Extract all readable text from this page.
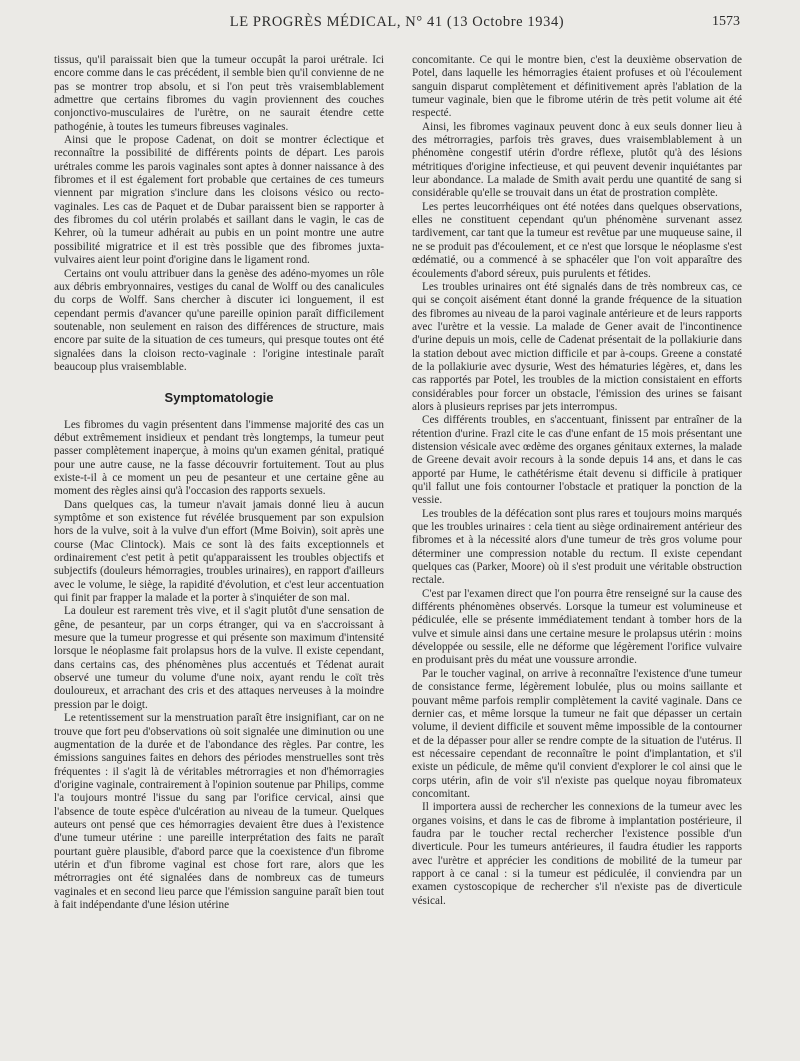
LE PROGRÈS MÉDICAL, N° 41 (13 Octobre 1934)	1573

tissus, qu'il paraissait bien que la tumeur occupât la paroi urétrale. Ici encore comme dans le cas précédent, il semble bien qu'il convienne de ne pas se montrer trop absolu, et si l'on peut très vraisemblablement admettre que certains fibromes du vagin proviennent des couches conjonctivo-musculaires de l'urètre, on ne saurait étendre cette pathogénie, à toutes les tumeurs fibreuses vaginales.

Ainsi que le propose Cadenat, on doit se montrer éclectique et reconnaître la possibilité de différents points de départ. Les parois urétrales comme les parois vaginales sont aptes à donner naissance à des fibromes et il est également fort probable que certaines de ces tumeurs viennent par migration s'inclure dans les cloisons vésico ou recto-vaginales. Les cas de Paquet et de Dubar paraissent bien se rapporter à des fibromes du col utérin prolabés et saillant dans le vagin, le cas de Kehrer, où la tumeur adhérait au pubis en un point montre une autre possibilité migratrice et il est très possible que des fibromes juxta-vulvaires aient leur point d'origine dans le ligament rond.

Certains ont voulu attribuer dans la genèse des adéno-myomes un rôle aux débris embryonnaires, vestiges du canal de Wolff ou des canalicules du corps de Wolff. Sans chercher à discuter ici longuement, il est cependant permis d'avancer qu'une pareille opinion paraît difficilement soutenable, non seulement en raison des différences de structure, mais encore par suite de la situation de ces tumeurs, qui presque toutes ont été signalées dans la cloison recto-vaginale : l'origine intestinale paraît beaucoup plus vraisemblable.

Symptomatologie

Les fibromes du vagin présentent dans l'immense majorité des cas un début extrêmement insidieux et pendant très longtemps, la tumeur peut passer complètement inaperçue, à moins qu'un examen génital, pratiqué pour une autre cause, ne la fasse découvrir fortuitement. Tout au plus existe-t-il à ce moment un peu de pesanteur et une certaine gêne au moment des règles ainsi qu'à l'occasion des rapports sexuels.

Dans quelques cas, la tumeur n'avait jamais donné lieu à aucun symptôme et son existence fut révélée brusquement par son expulsion hors de la vulve, soit à la vulve d'un effort (Mme Boivin), soit après une course (Mac Clintock). Mais ce sont là des faits exceptionnels et ordinairement c'est petit à petit qu'apparaissent les troubles objectifs et subjectifs (douleurs hémorragies, troubles urinaires), en rapport d'ailleurs avec le volume, le siège, la rapidité d'évolution, et c'est leur accentuation qui finit par frapper la malade et la porter à s'inquiéter de son mal.

La douleur est rarement très vive, et il s'agit plutôt d'une sensation de gêne, de pesanteur, par un corps étranger, qui va en s'accroissant à mesure que la tumeur progresse et qui présente son maximum d'intensité lorsque le néoplasme fait prolapsus hors de la vulve. Il existe cependant, dans certains cas, des phénomènes plus accentués et Tédenat aurait observé une tumeur du volume d'une noix, ayant rendu le coït très douloureux, et arrachant des cris et des attaques nerveuses à la moindre pression par le doigt.

Le retentissement sur la menstruation paraît être insignifiant, car on ne trouve que fort peu d'observations où soit signalée une diminution ou une augmentation de la durée et de l'abondance des règles. Par contre, les émissions sanguines faites en dehors des périodes menstruelles sont très fréquentes : il s'agit là de véritables métrorragies et non d'hémorragies d'origine vaginale, contrairement à l'opinion soutenue par Philips, comme l'a toujours montré l'issue du sang par l'orifice cervical, ainsi que l'absence de toute espèce d'ulcération au niveau de la tumeur. Quelques auteurs ont pensé que ces hémorragies devaient être dues à l'existence d'une tumeur utérine : une pareille interprétation des faits ne paraît pourtant guère plausible, d'abord parce que la coexistence d'un fibrome utérin et d'un fibrome vaginal est chose fort rare, alors que les métrorragies ont été signalées dans de nombreux cas de tumeurs vaginales et en second lieu parce que l'émission sanguine paraît bien tout à fait indépendante d'une lésion utérine

concomitante. Ce qui le montre bien, c'est la deuxième observation de Potel, dans laquelle les hémorragies étaient profuses et où l'écoulement sanguin disparut complètement et définitivement après l'ablation de la tumeur vaginale, bien que le fibrome utérin de très petit volume ait été respecté.

Ainsi, les fibromes vaginaux peuvent donc à eux seuls donner lieu à des métrorragies, parfois très graves, dues vraisemblablement à un phénomène congestif utérin d'ordre réflexe, plutôt qu'à des lésions métritiques d'origine infectieuse, et qui peuvent devenir inquiétantes par leur abondance. La malade de Smith avait perdu une quantité de sang si considérable qu'elle se trouvait dans un état de prostration complète.

Les pertes leucorrhéiques ont été notées dans quelques observations, elles ne constituent cependant qu'un phénomène survenant assez tardivement, car tant que la tumeur est revêtue par une muqueuse saine, il ne se produit pas d'écoulement, et ce n'est que lorsque le néoplasme s'est œdématié, ou a commencé à se sphacéler que l'on voit apparaître des écoulements d'abord séreux, puis purulents et fétides.

Les troubles urinaires ont été signalés dans de très nombreux cas, ce qui se conçoit aisément étant donné la grande fréquence de la situation des fibromes au niveau de la paroi vaginale antérieure et de leurs rapports avec l'urètre et la vessie. La malade de Gener avait de l'incontinence d'urine depuis un mois, celle de Cadenat présentait de la pollakiurie dans la station debout avec miction difficile et par à-coups. Greene a constaté de la pollakiurie avec dysurie, West des hématuries légères, et, dans les cas rapportés par Potel, les troubles de la miction consistaient en efforts considérables pour forcer un obstacle, l'émission des urines se faisant alors à plusieurs reprises par jets interrompus.

Ces différents troubles, en s'accentuant, finissent par entraîner de la rétention d'urine. Frazl cite le cas d'une enfant de 15 mois présentant une distension vésicale avec œdème des organes génitaux externes, la malade de Greene devait avoir recours à la sonde depuis 14 ans, et dans le cas apporté par Hume, le cathétérisme était devenu si difficile à pratiquer qu'il fallut une fois contourner l'obstacle et pratiquer la ponction de la vessie.

Les troubles de la défécation sont plus rares et toujours moins marqués que les troubles urinaires : cela tient au siège ordinairement antérieur des fibromes et à la nécessité alors d'une tumeur de très gros volume pour déterminer une compression notable du rectum. Il existe cependant quelques cas (Parker, Moore) où il s'est produit une véritable obstruction rectale.

C'est par l'examen direct que l'on pourra être renseigné sur la cause des différents phénomènes observés. Lorsque la tumeur est volumineuse et pédiculée, elle se présente immédiatement tendant à tomber hors de la vulve et simule ainsi dans une certaine mesure le prolapsus utérin : moins développée ou sessile, elle ne déforme que légèrement l'orifice vulvaire en produisant près du méat une voussure arrondie.

Par le toucher vaginal, on arrive à reconnaître l'existence d'une tumeur de consistance ferme, légèrement lobulée, plus ou moins saillante et pouvant même parfois remplir complètement la cavité vaginale. Dans ce dernier cas, et même lorsque la tumeur ne fait que dépasser un certain volume, il devient difficile et souvent même impossible de la contourner et de la dépasser pour aller se rendre compte de la situation de l'utérus. Il est nécessaire cependant de reconnaître le point d'implantation, et s'il existe un pédicule, de même qu'il convient d'explorer le col ainsi que le corps utérin, afin de voir s'il n'existe pas quelque noyau fibromateux concomitant.

Il importera aussi de rechercher les connexions de la tumeur avec les organes voisins, et dans le cas de fibrome à implantation postérieure, il faudra par le toucher rectal rechercher l'existence possible d'un diverticule. Pour les tumeurs antérieures, il faudra étudier les rapports avec l'urètre et apprécier les conditions de mobilité de la tumeur par rapport à ce canal : si la tumeur est pédiculée, il conviendra par un examen cystoscopique de rechercher s'il n'existe pas de diverticule vésical.
